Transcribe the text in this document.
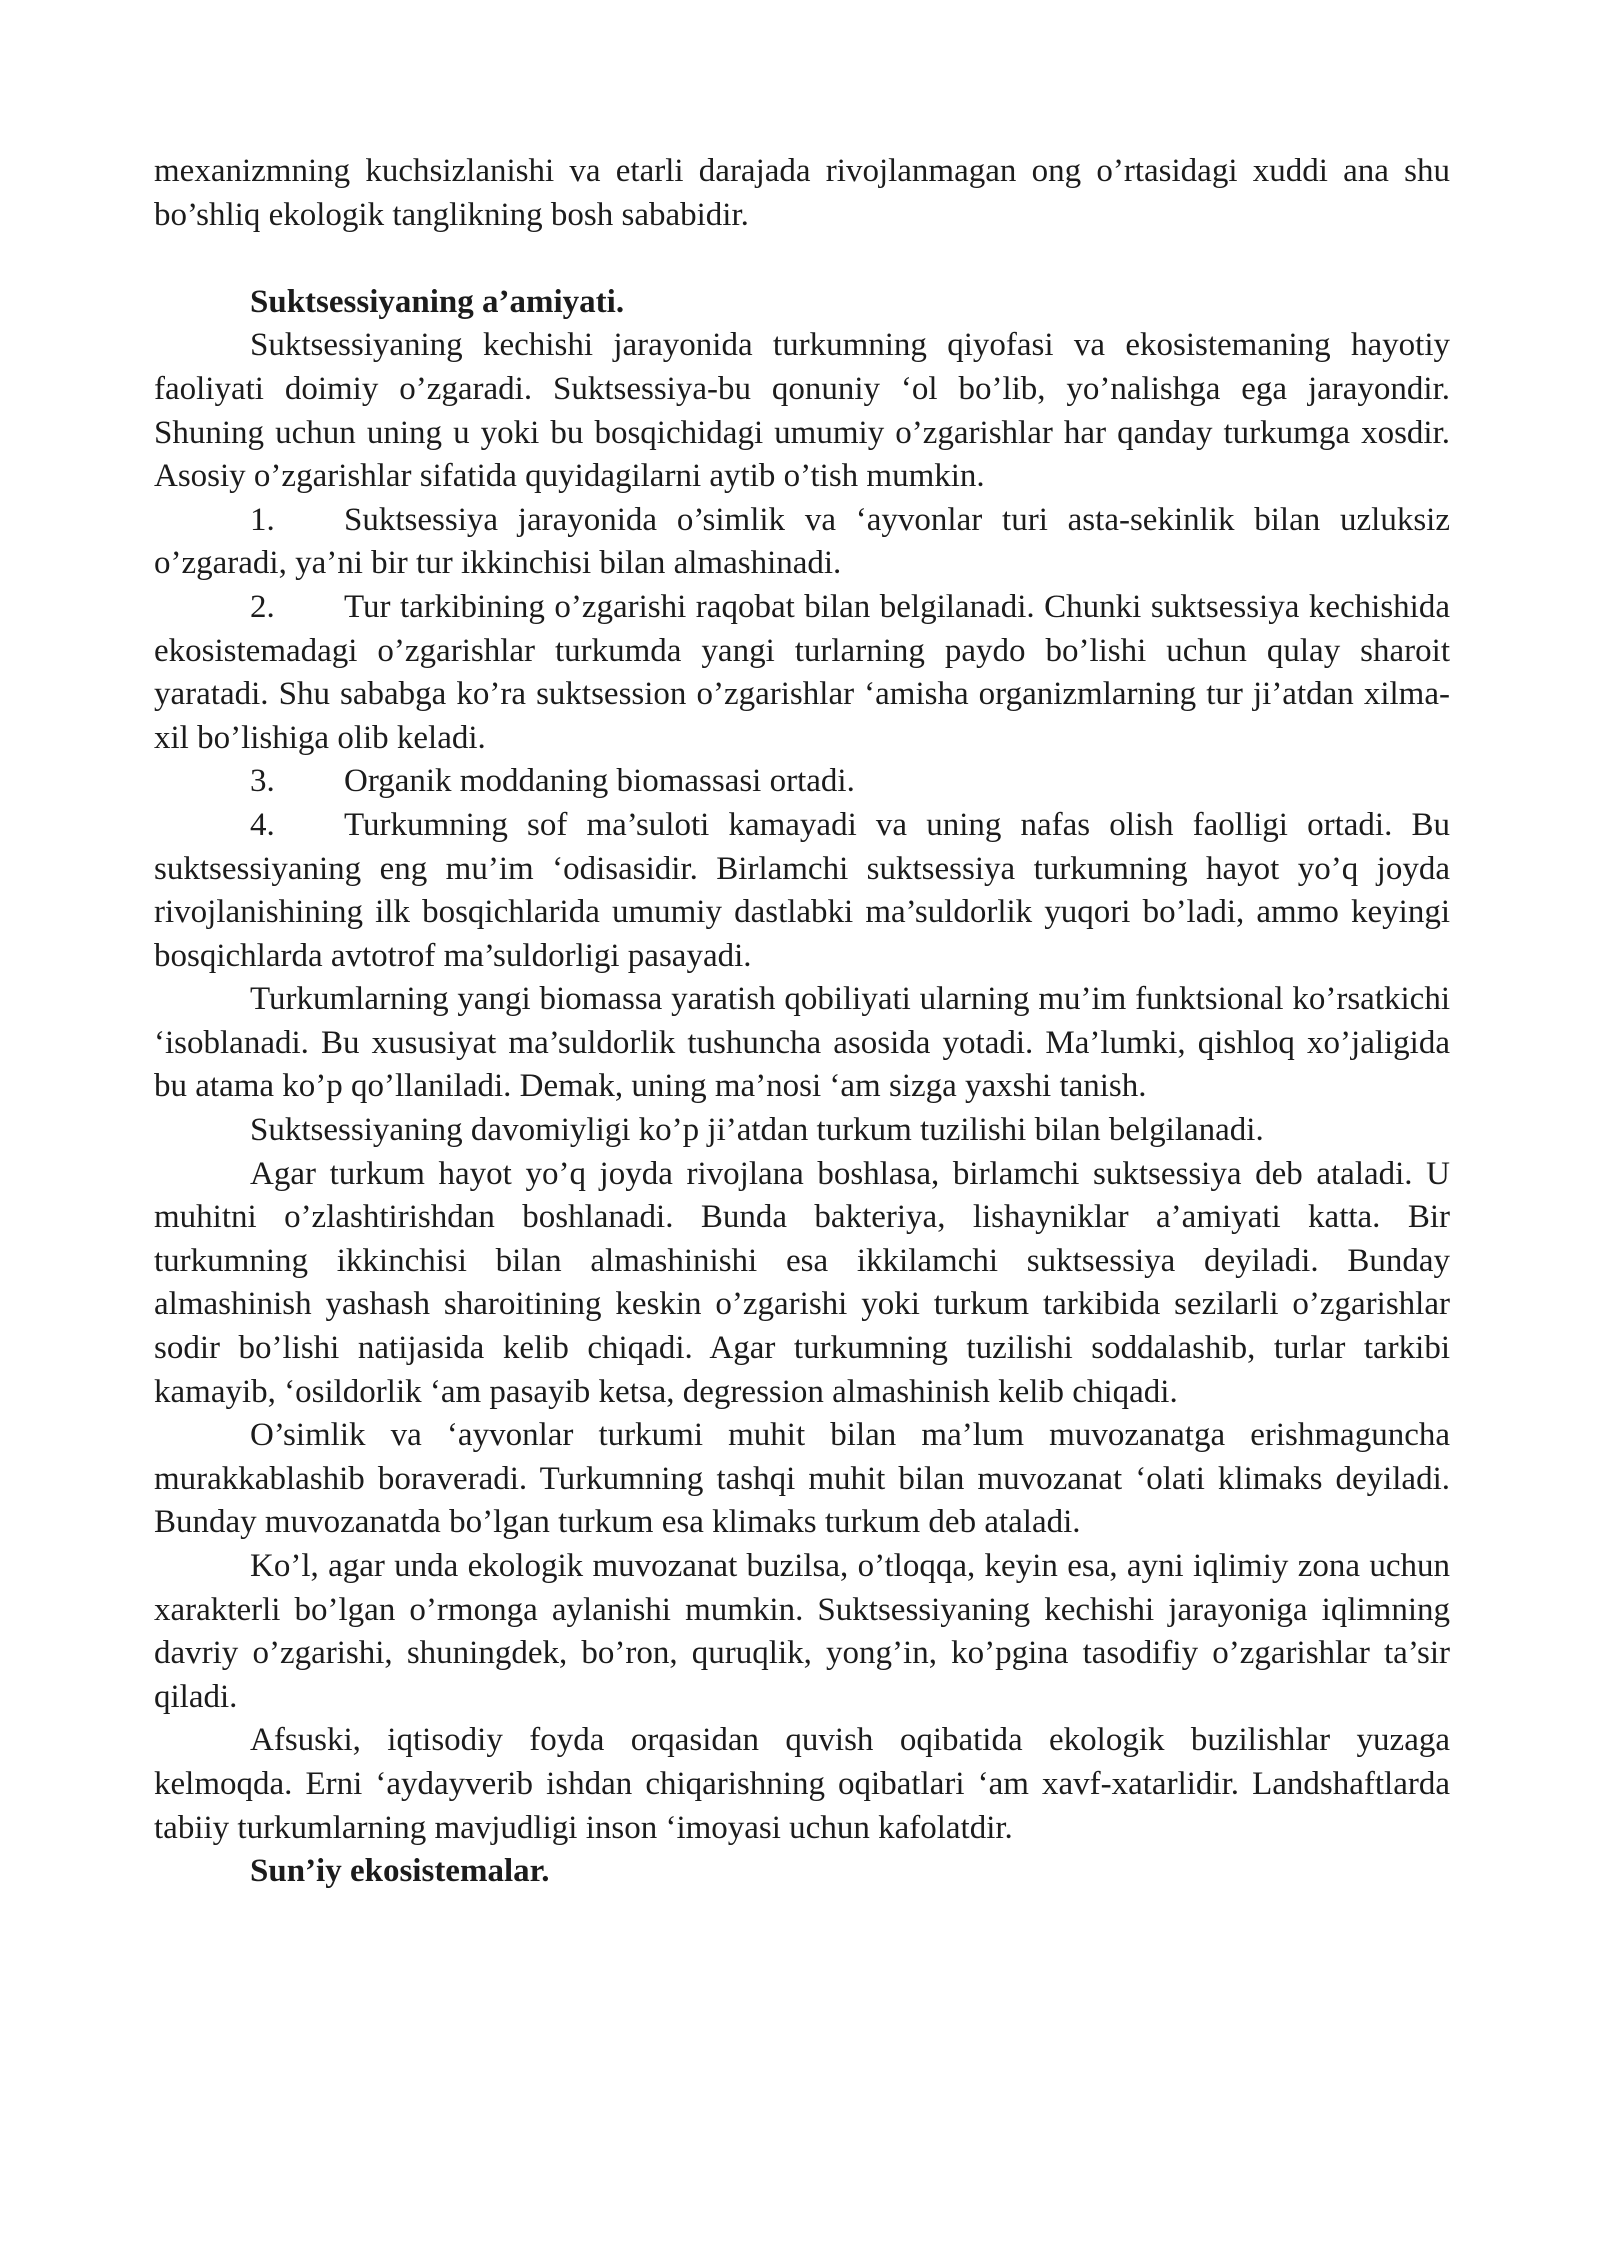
mexanizmning kuchsizlanishi va etarli darajada rivojlanmagan ong o’rtasidagi xuddi ana shu bo’shliq ekologik tanglikning bosh sababidir.

Suktsessiyaning a’amiyati.

Suktsessiyaning kechishi jarayonida turkumning qiyofasi va ekosistemaning hayotiy faoliyati doimiy o’zgaradi. Suktsessiya-bu qonuniy ‘ol bo’lib, yo’nalishga ega jarayondir. Shuning uchun uning u yoki bu bosqichidagi umumiy o’zgarishlar har qanday turkumga xosdir. Asosiy o’zgarishlar sifatida quyidagilarni aytib o’tish mumkin.

1. Suktsessiya jarayonida o’simlik va ‘ayvonlar turi asta-sekinlik bilan uzluksiz o’zgaradi, ya’ni bir tur ikkinchisi bilan almashinadi.

2. Tur tarkibining o’zgarishi raqobat bilan belgilanadi. Chunki suktsessiya kechishida ekosistemadagi o’zgarishlar turkumda yangi turlarning paydo bo’lishi uchun qulay sharoit yaratadi. Shu sababga ko’ra suktsession o’zgarishlar ‘amisha organizmlarning tur ji’atdan xilma-xil bo’lishiga olib keladi.

3. Organik moddaning biomassasi ortadi.

4. Turkumning sof ma’suloti kamayadi va uning nafas olish faolligi ortadi. Bu suktsessiyaning eng mu’im ‘odisasidir. Birlamchi suktsessiya turkumning hayot yo’q joyda rivojlanishining ilk bosqichlarida umumiy dastlabki ma’suldorlik yuqori bo’ladi, ammo keyingi bosqichlarda avtotrof ma’suldorligi pasayadi.

Turkumlarning yangi biomassa yaratish qobiliyati ularning mu’im funktsional ko’rsatkichi ‘isoblanadi. Bu xususiyat ma’suldorlik tushuncha asosida yotadi. Ma’lumki, qishloq xo’jaligida bu atama ko’p qo’llaniladi. Demak, uning ma’nosi ‘am sizga yaxshi tanish.

Suktsessiyaning davomiyligi ko’p ji’atdan turkum tuzilishi bilan belgilanadi.

Agar turkum hayot yo’q joyda rivojlana boshlasa, birlamchi suktsessiya deb ataladi. U muhitni o’zlashtirishdan boshlanadi. Bunda bakteriya, lishayniklar a’amiyati katta. Bir turkumning ikkinchisi bilan almashinishi esa ikkilamchi suktsessiya deyiladi. Bunday almashinish yashash sharoitining keskin o’zgarishi yoki turkum tarkibida sezilarli o’zgarishlar sodir bo’lishi natijasida kelib chiqadi. Agar turkumning tuzilishi soddalashib, turlar tarkibi kamayib, ‘osildorlik ‘am pasayib ketsa, degression almashinish kelib chiqadi.

O’simlik va ‘ayvonlar turkumi muhit bilan ma’lum muvozanatga erishmaguncha murakkablashib boraveradi. Turkumning tashqi muhit bilan muvozanat ‘olati klimaks deyiladi. Bunday muvozanatda bo’lgan turkum esa klimaks turkum deb ataladi.

Ko’l, agar unda ekologik muvozanat buzilsa, o’tloqqa, keyin esa, ayni iqlimiy zona uchun xarakterli bo’lgan o’rmonga aylanishi mumkin. Suktsessiyaning kechishi jarayoniga iqlimning davriy o’zgarishi, shuningdek, bo’ron, quruqlik, yong’in, ko’pgina tasodifiy o’zgarishlar ta’sir qiladi.

Afsuski, iqtisodiy foyda orqasidan quvish oqibatida ekologik buzilishlar yuzaga kelmoqda. Erni ‘aydayverib ishdan chiqarishning oqibatlari ‘am xavf-xatarlidir. Landshaftlarda tabiiy turkumlarning mavjudligi inson ‘imoyasi uchun kafolatdir.

Sun’iy ekosistemalar.
